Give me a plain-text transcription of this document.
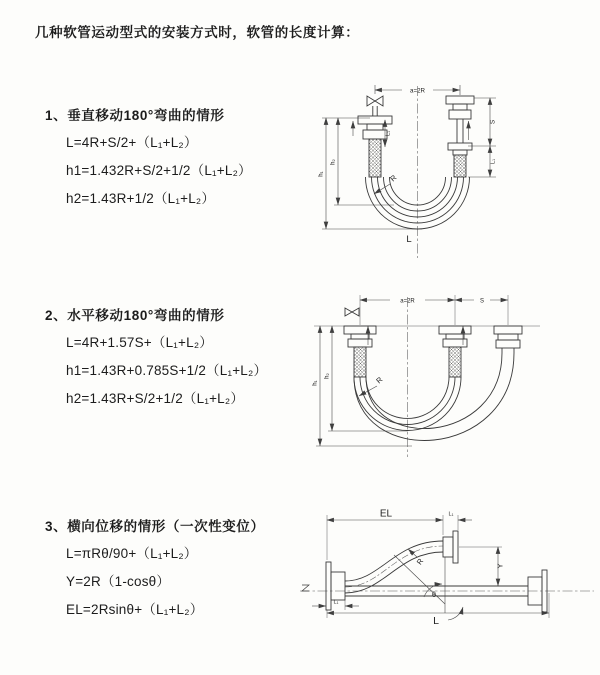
几种软管运动型式的安装方式时，软管的长度计算：
1、垂直移动180°弯曲的情形
L=4R+S/2+（L₁+L₂）
h1=1.432R+S/2+1/2（L₁+L₂）
h2=1.43R+1/2（L₁+L₂）
2、水平移动180°弯曲的情形
L=4R+1.57S+（L₁+L₂）
h1=1.43R+0.785S+1/2（L₁+L₂）
h2=1.43R+S/2+1/2（L₁+L₂）
3、横向位移的情形（一次性变位）
L=πRθ/90+（L₁+L₂）
Y=2R（1-cosθ）
EL=2Rsinθ+（L₁+L₂）
a=2R
h₁
h₂
S
L₁
L₁
R
L
a=2R	S
h₁
h₂	R
EL	L₁
Y
R
θ
L
L₁
